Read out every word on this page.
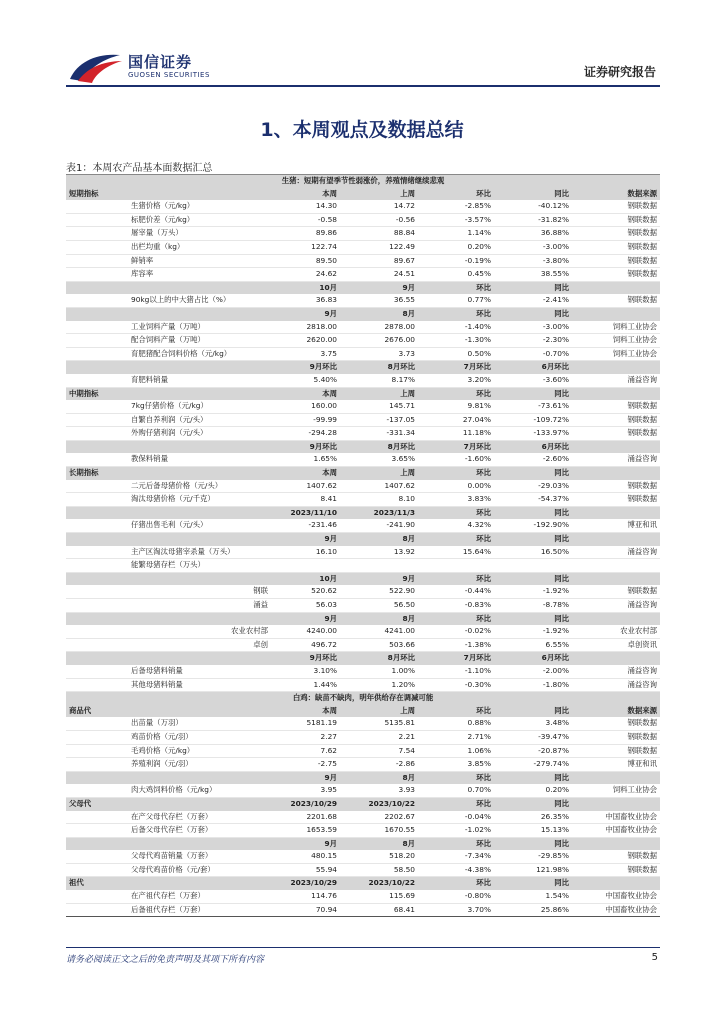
国信证券
GUOSEN SECURITIES	证券研究报告
1、本周观点及数据总结
表1：本周农产品基本面数据汇总
生猪：短期有望季节性弱涨价，养殖情绪继续悲观						
短期指标		本周	上周	环比	同比	数据来源
	生猪价格（元/kg）	14.30	14.72	-2.85%	-40.12%	钢联数据
	标肥价差（元/kg）	-0.58	-0.56	-3.57%	-31.82%	钢联数据
	屠宰量（万头）	89.86	88.84	1.14%	36.88%	钢联数据
	出栏均重（kg）	122.74	122.49	0.20%	-3.00%	钢联数据
	鲜销率	89.50	89.67	-0.19%	-3.80%	钢联数据
	库容率	24.62	24.51	0.45%	38.55%	钢联数据
		10月	9月	环比	同比	
	90kg以上的中大猪占比（%）	36.83	36.55	0.77%	-2.41%	钢联数据
		9月	8月	环比	同比	
	工业饲料产量（万吨）	2818.00	2878.00	-1.40%	-3.00%	饲料工业协会
	配合饲料产量（万吨）	2620.00	2676.00	-1.30%	-2.30%	饲料工业协会
	育肥猪配合饲料价格（元/kg）	3.75	3.73	0.50%	-0.70%	饲料工业协会
		9月环比	8月环比	7月环比	6月环比	
	育肥料销量	5.40%	8.17%	3.20%	-3.60%	涌益咨询
中期指标		本周	上周	环比	同比	
	7kg仔猪价格（元/kg）	160.00	145.71	9.81%	-73.61%	钢联数据
	自繁自养利润（元/头）	-99.99	-137.05	27.04%	-109.72%	钢联数据
	外购仔猪利润（元/头）	-294.28	-331.34	11.18%	-133.97%	钢联数据
		9月环比	8月环比	7月环比	6月环比	
	教保料销量	1.65%	3.65%	-1.60%	-2.60%	涌益咨询
长期指标		本周	上周	环比	同比	
	二元后备母猪价格（元/头）	1407.62	1407.62	0.00%	-29.03%	钢联数据
	淘汰母猪价格（元/千克）	8.41	8.10	3.83%	-54.37%	钢联数据
		2023/11/10	2023/11/3	环比	同比	
	仔猪出售毛利（元/头）	-231.46	-241.90	4.32%	-192.90%	博亚和讯
		9月	8月	环比	同比	
	主产区淘汰母猪宰杀量（万头）	16.10	13.92	15.64%	16.50%	涌益咨询
	能繁母猪存栏（万头）					
		10月	9月	环比	同比	
	钢联	520.62	522.90	-0.44%	-1.92%	钢联数据
	涌益	56.03	56.50	-0.83%	-8.78%	涌益咨询
		9月	8月	环比	同比	
	农业农村部	4240.00	4241.00	-0.02%	-1.92%	农业农村部
	卓创	496.72	503.66	-1.38%	6.55%	卓创资讯
		9月环比	8月环比	7月环比	6月环比	
	后备母猪料销量	3.10%	1.00%	-1.10%	-2.00%	涌益咨询
	其他母猪料销量	1.44%	1.20%	-0.30%	-1.80%	涌益咨询
白鸡：缺苗不缺肉，明年供给存在调减可能						
商品代		本周	上周	环比	同比	数据来源
	出苗量（万羽）	5181.19	5135.81	0.88%	3.48%	钢联数据
	鸡苗价格（元/羽）	2.27	2.21	2.71%	-39.47%	钢联数据
	毛鸡价格（元/kg）	7.62	7.54	1.06%	-20.87%	钢联数据
	养殖利润（元/羽）	-2.75	-2.86	3.85%	-279.74%	博亚和讯
		9月	8月	环比	同比	
	肉大鸡饲料价格（元/kg）	3.95	3.93	0.70%	0.20%	饲料工业协会
父母代		2023/10/29	2023/10/22	环比	同比	
	在产父母代存栏（万套）	2201.68	2202.67	-0.04%	26.35%	中国畜牧业协会
	后备父母代存栏（万套）	1653.59	1670.55	-1.02%	15.13%	中国畜牧业协会
		9月	8月	环比	同比	
	父母代鸡苗销量（万套）	480.15	518.20	-7.34%	-29.85%	钢联数据
	父母代鸡苗价格（元/套）	55.94	58.50	-4.38%	121.98%	钢联数据
祖代		2023/10/29	2023/10/22	环比	同比	
	在产祖代存栏（万套）	114.76	115.69	-0.80%	1.54%	中国畜牧业协会
	后备祖代存栏（万套）	70.94	68.41	3.70%	25.86%	中国畜牧业协会
请务必阅读正文之后的免责声明及其项下所有内容	5
